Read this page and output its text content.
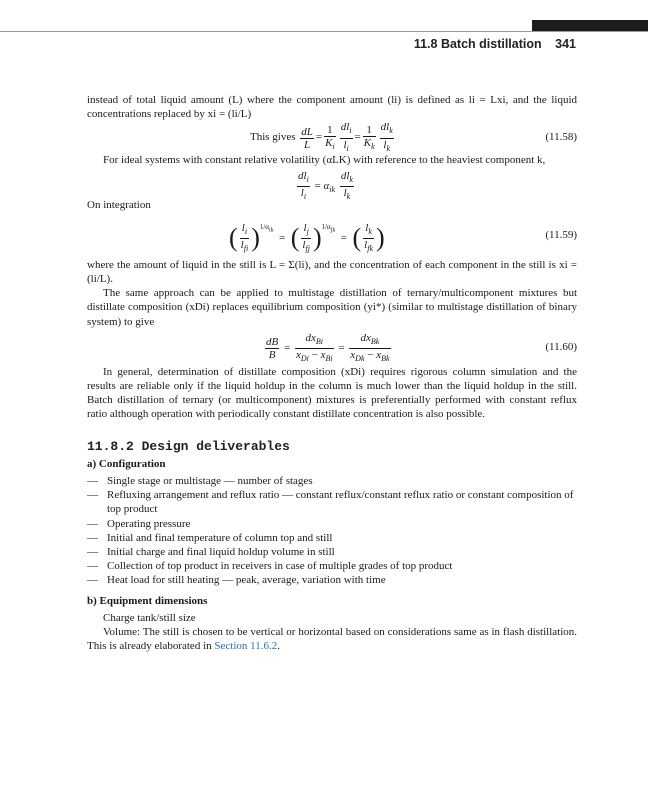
11.8 Batch distillation 341

instead of total liquid amount (L) where the component amount (li) is defined as li = Lxi, and the liquid concentrations replaced by xi = (li/L)

This gives $\frac{dL}{L} = \frac{1}{K_i} \frac{dl_i}{l_i} = \frac{1}{K_k} \frac{dl_k}{l_k}$	(11.58)

For ideal systems with constant relative volatility (αLK) with reference to the heaviest component k,

$\frac{dl_i}{l_i} = \alpha_{ik} \frac{dl_k}{l_k}$

On integration

( $\frac{l_i}{l_{fi}} )^{1/\alpha_{ik}}$  =  ( $\frac{l_j}{l_{fj}} )^{1/\alpha_{jk}}$  =  ( $\frac{l_k}{l_{fk}}$ )	(11.59)

where the amount of liquid in the still is L = Σ(li), and the concentration of each component in the still is xi = (li/L).

The same approach can be applied to multistage distillation of ternary/multicomponent mixtures but distillate composition (xDi) replaces equilibrium composition (yi*) (similar to multistage distillation of binary system) to give

$\frac{dB}{B} = \frac{dx_{Bi}}{x_{Di} - x_{Bi}} = \frac{dx_{Bk}}{x_{Dk} - x_{Bk}}$	(11.60)

In general, determination of distillate composition (xDi) requires rigorous column simulation and the results are reliable only if the liquid holdup in the column is much lower than the liquid holdup in the still. Batch distillation of ternary (or multicomponent) mixtures is preferentially performed with constant reflux ratio although operation with periodically constant distillate concentration is also possible.

11.8.2 Design deliverables
a) Configuration
— Single stage or multistage — number of stages
— Refluxing arrangement and reflux ratio — constant reflux/constant reflux ratio or constant composition of top product
— Operating pressure
— Initial and final temperature of column top and still
— Initial charge and final liquid holdup volume in still
— Collection of top product in receivers in case of multiple grades of top product
— Heat load for still heating — peak, average, variation with time
b) Equipment dimensions

Charge tank/still size

Volume: The still is chosen to be vertical or horizontal based on considerations same as in flash distillation. This is already elaborated in Section 11.6.2.
